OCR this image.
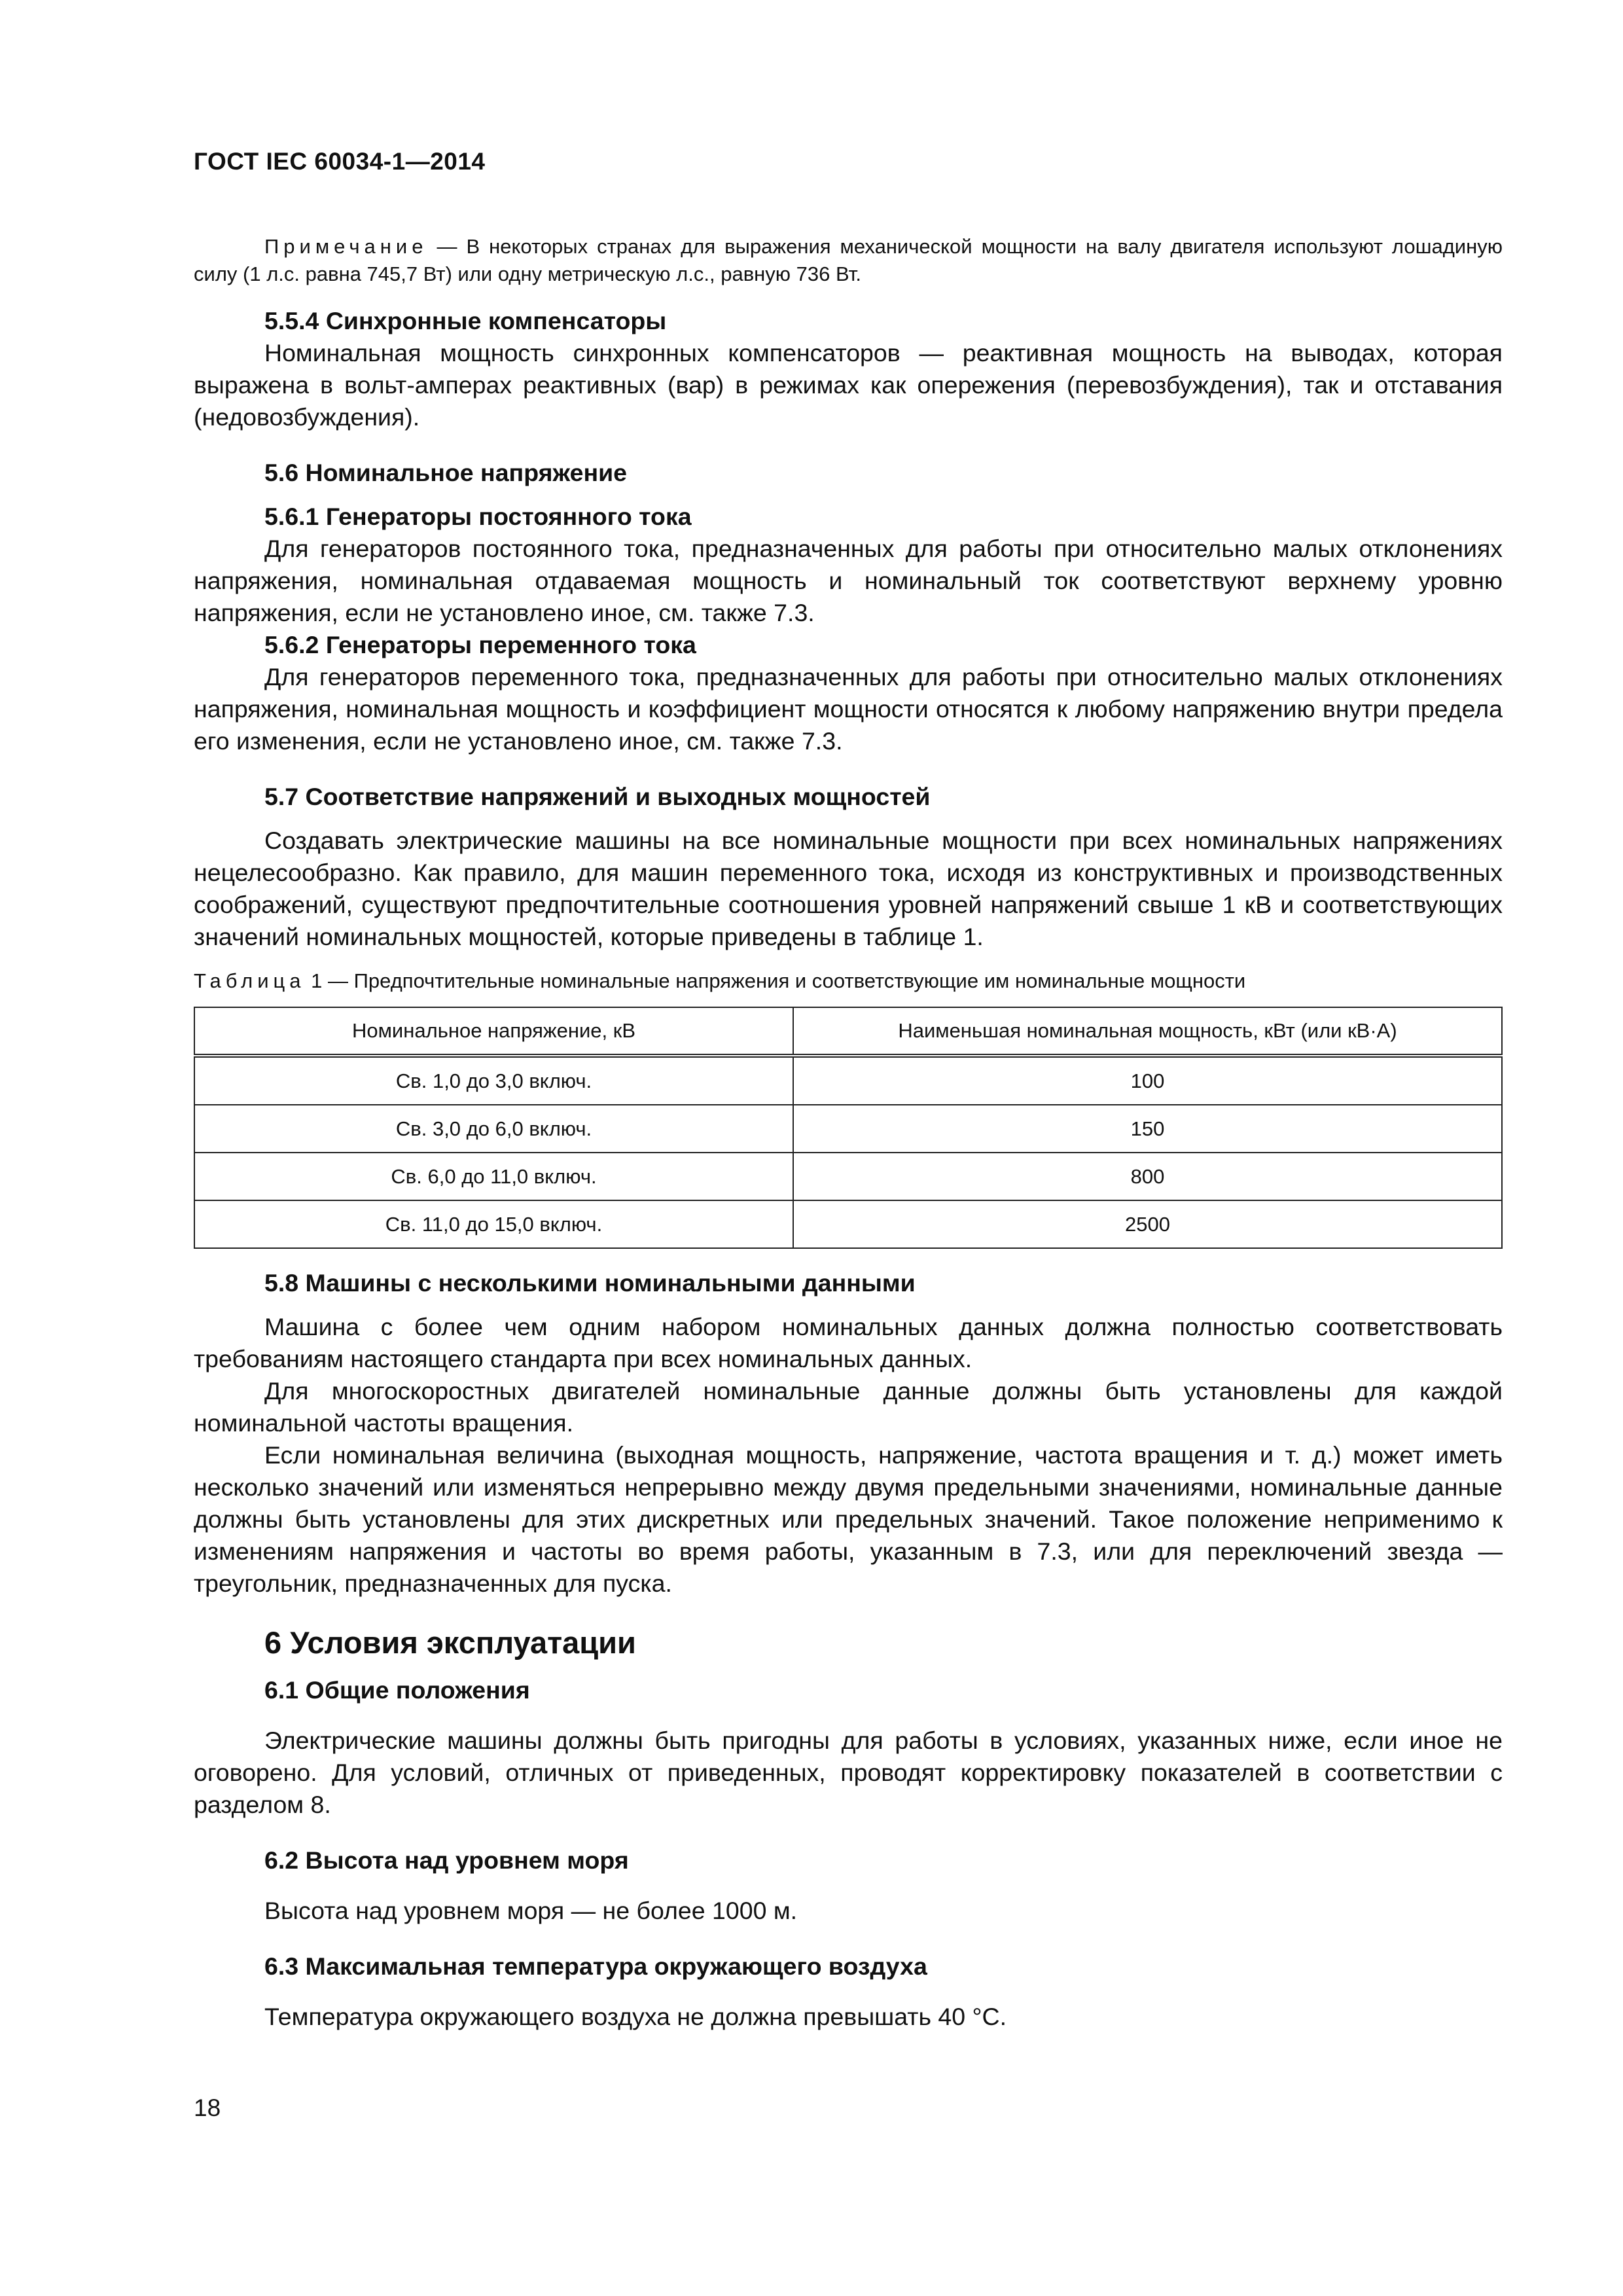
ГОСТ IEC 60034-1—2014

Примечание — В некоторых странах для выражения механической мощности на валу двигателя используют лошадиную силу (1 л.с. равна 745,7 Вт) или одну метрическую л.с., равную 736 Вт.

5.5.4 Синхронные компенсаторы

Номинальная мощность синхронных компенсаторов — реактивная мощность на выводах, которая выражена в вольт-амперах реактивных (вар) в режимах как опережения (перевозбуждения), так и отставания (недовозбуждения).

5.6 Номинальное напряжение
5.6.1 Генераторы постоянного тока

Для генераторов постоянного тока, предназначенных для работы при относительно малых отклонениях напряжения, номинальная отдаваемая мощность и номинальный ток соответствуют верхнему уровню напряжения, если не установлено иное, см. также 7.3.

5.6.2 Генераторы переменного тока

Для генераторов переменного тока, предназначенных для работы при относительно малых отклонениях напряжения, номинальная мощность и коэффициент мощности относятся к любому напряжению внутри предела его изменения, если не установлено иное, см. также 7.3.

5.7 Соответствие напряжений и выходных мощностей

Создавать электрические машины на все номинальные мощности при всех номинальных напряжениях нецелесообразно. Как правило, для машин переменного тока, исходя из конструктивных и производственных соображений, существуют предпочтительные соотношения уровней напряжений свыше 1 кВ и соответствующих значений номинальных мощностей, которые приведены в таблице 1.

Таблица 1 — Предпочтительные номинальные напряжения и соответствующие им номинальные мощности
Номинальное напряжение, кВ	Наименьшая номинальная мощность, кВт (или кВ·А)
Св. 1,0 до 3,0 включ.	100
Св. 3,0 до 6,0 включ.	150
Св. 6,0 до 11,0 включ.	800
Св. 11,0 до 15,0 включ.	2500
5.8 Машины с несколькими номинальными данными

Машина с более чем одним набором номинальных данных должна полностью соответствовать требованиям настоящего стандарта при всех номинальных данных.

Для многоскоростных двигателей номинальные данные должны быть установлены для каждой номинальной частоты вращения.

Если номинальная величина (выходная мощность, напряжение, частота вращения и т. д.) может иметь несколько значений или изменяться непрерывно между двумя предельными значениями, номинальные данные должны быть установлены для этих дискретных или предельных значений. Такое положение неприменимо к изменениям напряжения и частоты во время работы, указанным в 7.3, или для переключений звезда — треугольник, предназначенных для пуска.

6 Условия эксплуатации
6.1 Общие положения

Электрические машины должны быть пригодны для работы в условиях, указанных ниже, если иное не оговорено. Для условий, отличных от приведенных, проводят корректировку показателей в соответствии с разделом 8.

6.2 Высота над уровнем моря

Высота над уровнем моря — не более 1000 м.

6.3 Максимальная температура окружающего воздуха

Температура окружающего воздуха не должна превышать 40 °С.

18
